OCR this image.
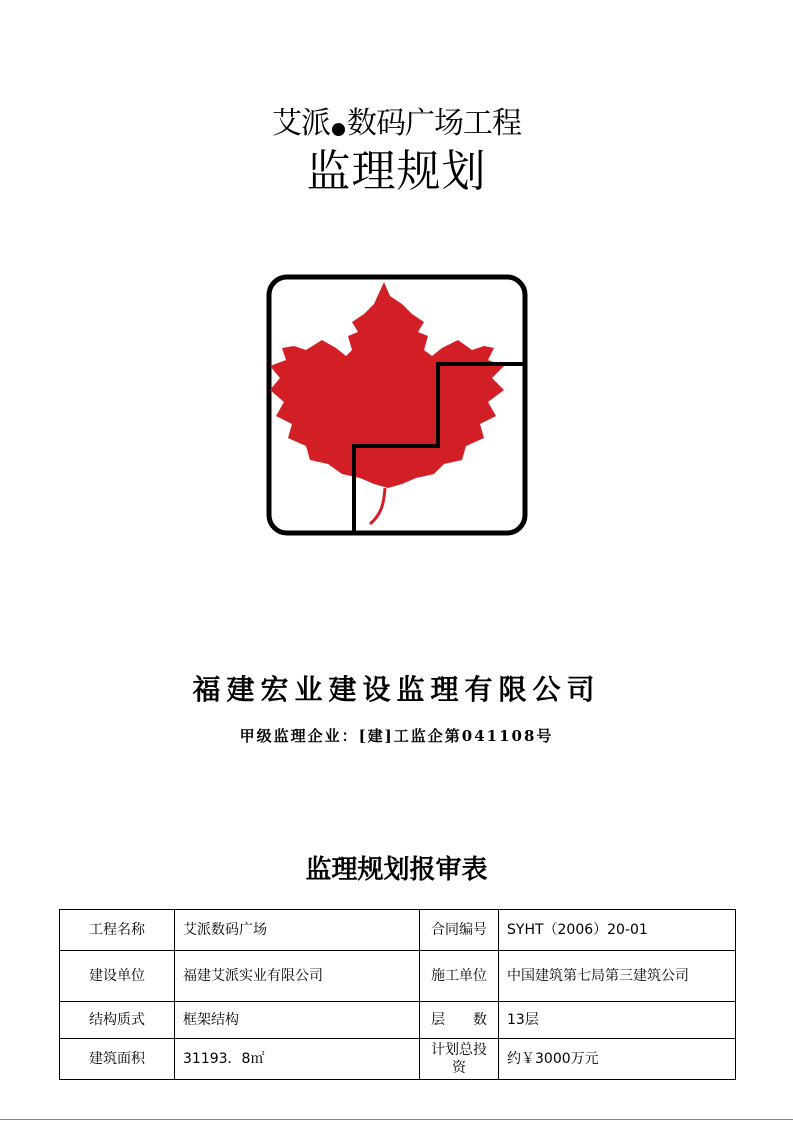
艾派 数码广场工程
监理规划
福建宏业建设监理有限公司
甲级监理企业：[建]工监企第041108号
监理规划报审表
工程名称	艾派数码广场	合同编号	SYHT（2006）20-01
建设单位	福建艾派实业有限公司	施工单位	中国建筑第七局第三建筑公司
结构质式	框架结构	层　　数	13层
建筑面积	31193．8㎡	计划总投资	约￥3000万元
